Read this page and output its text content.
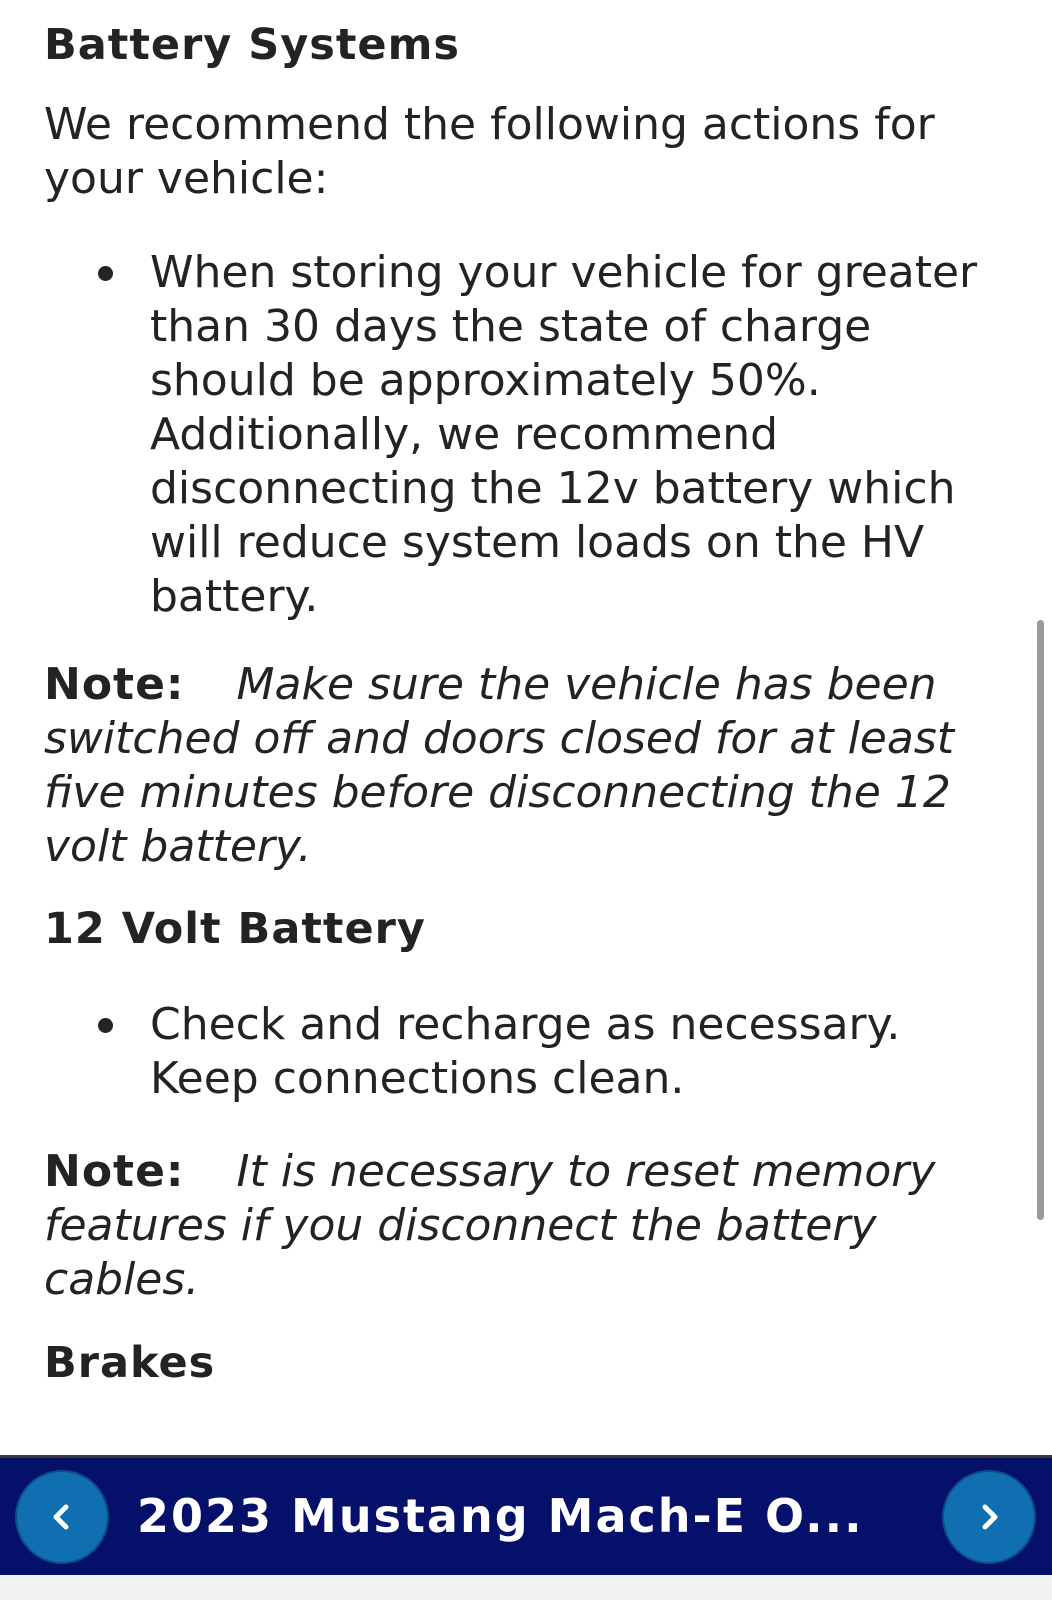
Battery Systems
We recommend the following actions for your vehicle:
When storing your vehicle for greater than 30 days the state of charge should be approximately 50%. Additionally, we recommend disconnecting the 12v battery which will reduce system loads on the HV battery.
Note: Make sure the vehicle has been switched off and doors closed for at least five minutes before disconnecting the 12 volt battery.
12 Volt Battery
Check and recharge as necessary. Keep connections clean.
Note: It is necessary to reset memory features if you disconnect the battery cables.
Brakes
2023 Mustang Mach-E O...
